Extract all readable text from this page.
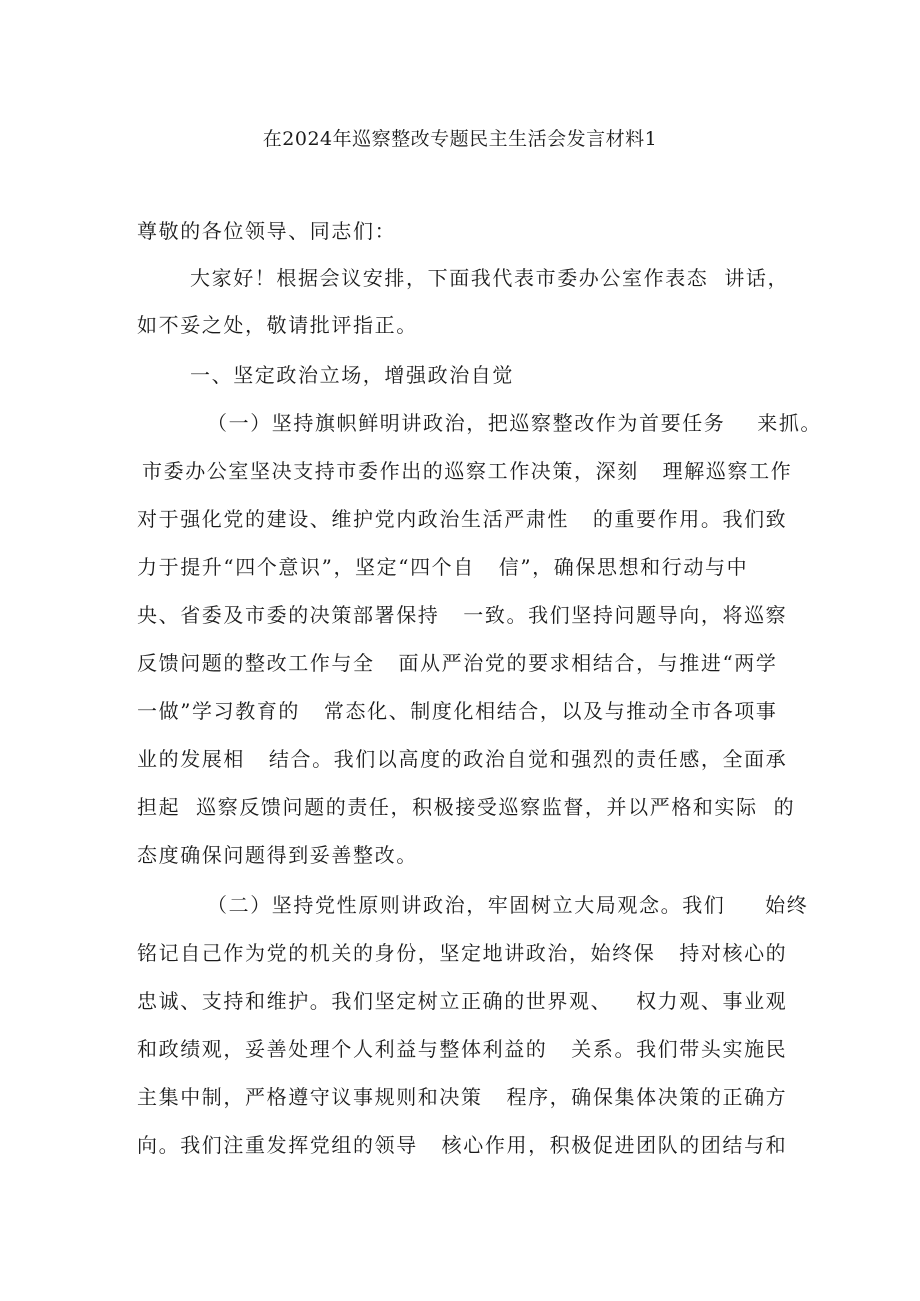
在2024年巡察整改专题民主生活会发言材料1
尊敬的各位领导、同志们：
大家好！根据会议安排，下面我代表市委办公室作表态  讲话，
如不妥之处，敬请批评指正。
一、坚定政治立场，增强政治自觉
（一）坚持旗帜鲜明讲政治，把巡察整改作为首要任务    来抓。
市委办公室坚决支持市委作出的巡察工作决策，深刻   理解巡察工作
对于强化党的建设、维护党内政治生活严肃性   的重要作用。我们致
力于提升“四个意识”，坚定“四个自   信”，确保思想和行动与中
央、省委及市委的决策部署保持   一致。我们坚持问题导向，将巡察
反馈问题的整改工作与全   面从严治党的要求相结合，与推进“两学
一做”学习教育的   常态化、制度化相结合，以及与推动全市各项事
业的发展相   结合。我们以高度的政治自觉和强烈的责任感，全面承
担起  巡察反馈问题的责任，积极接受巡察监督，并以严格和实际  的
态度确保问题得到妥善整改。
（二）坚持党性原则讲政治，牢固树立大局观念。我们     始终
铭记自己作为党的机关的身份，坚定地讲政治，始终保   持对核心的
忠诚、支持和维护。我们坚定树立正确的世界观、   权力观、事业观
和政绩观，妥善处理个人利益与整体利益的   关系。我们带头实施民
主集中制，严格遵守议事规则和决策   程序，确保集体决策的正确方
向。我们注重发挥党组的领导   核心作用，积极促进团队的团结与和
